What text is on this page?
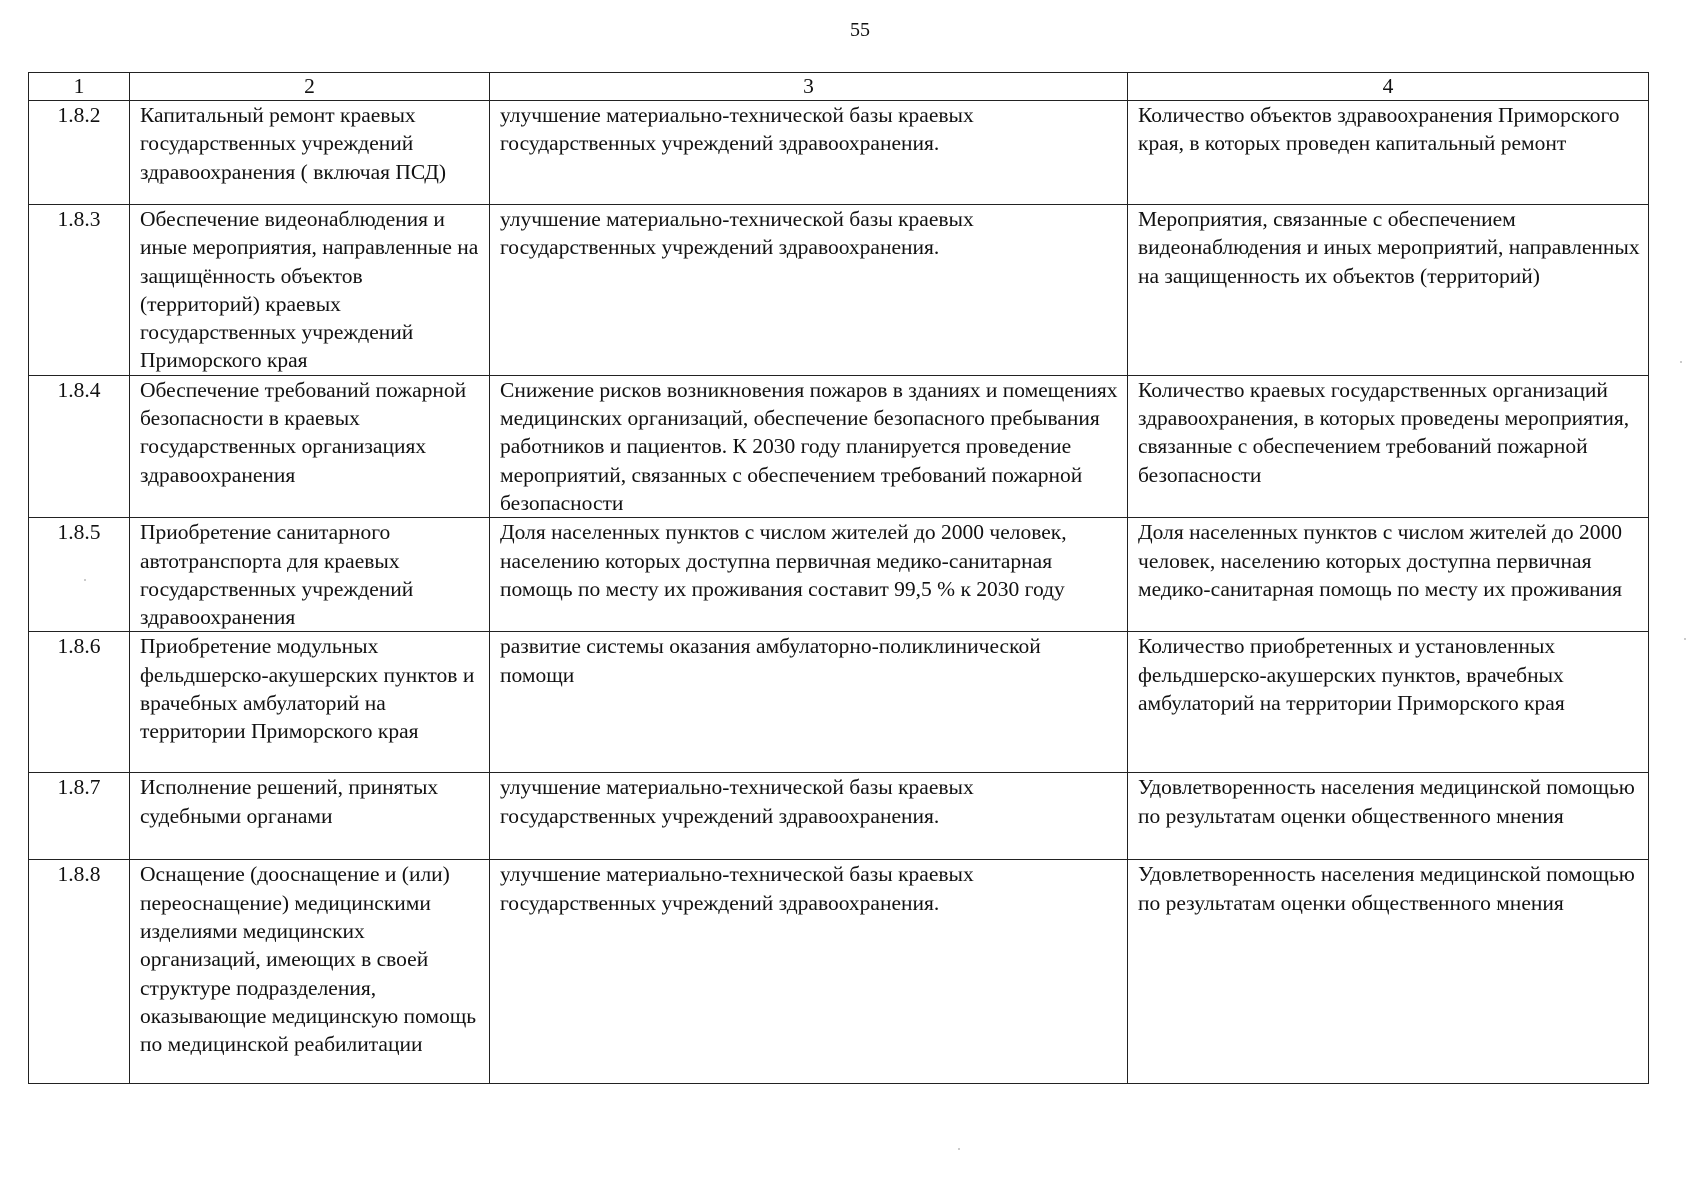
55
1	2	3	4
1.8.2	Капитальный ремонт краевых государственных учреждений здравоохранения ( включая ПСД)	улучшение материально-технической базы краевых государственных учреждений здравоохранения.	Количество объектов здравоохранения Приморского края, в которых проведен капитальный ремонт
1.8.3	Обеспечение видеонаблюдения и иные мероприятия, направленные на защищённость объектов (территорий) краевых государственных учреждений Приморского края	улучшение материально-технической базы краевых государственных учреждений здравоохранения.	Мероприятия, связанные с обеспечением видеонаблюдения и иных мероприятий, направленных на защищенность их объектов (территорий)
1.8.4	Обеспечение требований пожарной безопасности в краевых государственных организациях здравоохранения	Снижение рисков возникновения пожаров в зданиях и помещениях медицинских организаций, обеспечение безопасного пребывания работников и пациентов. К 2030 году планируется проведение мероприятий, связанных с обеспечением требований пожарной безопасности	Количество краевых государственных организаций здравоохранения, в которых проведены мероприятия, связанные с обеспечением требований пожарной безопасности
1.8.5	Приобретение санитарного автотранспорта для краевых государственных учреждений здравоохранения	Доля населенных пунктов с числом жителей до 2000 человек, населению которых доступна первичная медико-санитарная помощь по месту их проживания составит 99,5 % к 2030 году	Доля населенных пунктов с числом жителей до 2000 человек, населению которых доступна первичная медико-санитарная помощь по месту их проживания
1.8.6	Приобретение модульных фельдшерско-акушерских пунктов и врачебных амбулаторий на территории Приморского края	развитие системы оказания амбулаторно-поликлинической помощи	Количество приобретенных и установленных фельдшерско-акушерских пунктов, врачебных амбулаторий на территории Приморского края
1.8.7	Исполнение решений, принятых судебными органами	улучшение материально-технической базы краевых государственных учреждений здравоохранения.	Удовлетворенность населения медицинской помощью по результатам оценки общественного мнения
1.8.8	Оснащение (дооснащение и (или) переоснащение) медицинскими изделиями медицинских организаций, имеющих в своей структуре подразделения, оказывающие медицинскую помощь по медицинской реабилитации	улучшение материально-технической базы краевых государственных учреждений здравоохранения.	Удовлетворенность населения медицинской помощью по результатам оценки общественного мнения
